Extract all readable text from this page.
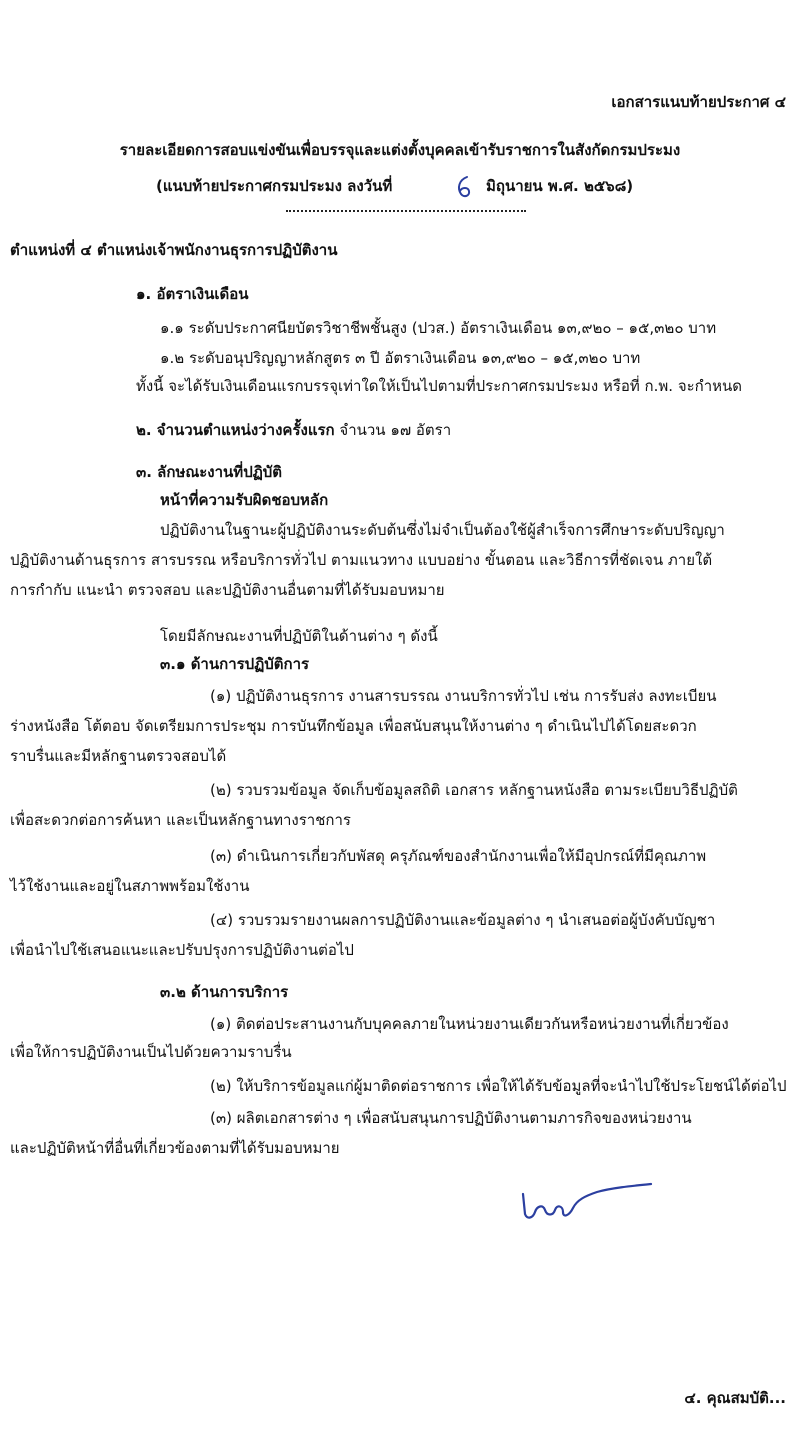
เอกสารแนบท้ายประกาศ ๔
รายละเอียดการสอบแข่งขันเพื่อบรรจุและแต่งตั้งบุคคลเข้ารับราชการในสังกัดกรมประมง
(แนบท้ายประกาศกรมประมง ลงวันที่	มิถุนายน พ.ศ. ๒๕๖๘)
ตำแหน่งที่ ๔ ตำแหน่งเจ้าพนักงานธุรการปฏิบัติงาน
๑. อัตราเงินเดือน
๑.๑ ระดับประกาศนียบัตรวิชาชีพชั้นสูง (ปวส.) อัตราเงินเดือน ๑๓,๙๒๐ – ๑๕,๓๒๐ บาท
๑.๒ ระดับอนุปริญญาหลักสูตร ๓ ปี อัตราเงินเดือน ๑๓,๙๒๐ – ๑๕,๓๒๐ บาท
ทั้งนี้ จะได้รับเงินเดือนแรกบรรจุเท่าใดให้เป็นไปตามที่ประกาศกรมประมง หรือที่ ก.พ. จะกำหนด
๒. จำนวนตำแหน่งว่างครั้งแรก จำนวน ๑๗ อัตรา
๓. ลักษณะงานที่ปฏิบัติ
หน้าที่ความรับผิดชอบหลัก
ปฏิบัติงานในฐานะผู้ปฏิบัติงานระดับต้นซึ่งไม่จำเป็นต้องใช้ผู้สำเร็จการศึกษาระดับปริญญา
ปฏิบัติงานด้านธุรการ สารบรรณ หรือบริการทั่วไป ตามแนวทาง แบบอย่าง ขั้นตอน และวิธีการที่ชัดเจน ภายใต้
การกำกับ แนะนำ ตรวจสอบ และปฏิบัติงานอื่นตามที่ได้รับมอบหมาย
โดยมีลักษณะงานที่ปฏิบัติในด้านต่าง ๆ ดังนี้
๓.๑ ด้านการปฏิบัติการ
(๑) ปฏิบัติงานธุรการ งานสารบรรณ งานบริการทั่วไป เช่น การรับส่ง ลงทะเบียน
ร่างหนังสือ โต้ตอบ จัดเตรียมการประชุม การบันทึกข้อมูล เพื่อสนับสนุนให้งานต่าง ๆ ดำเนินไปได้โดยสะดวก
ราบรื่นและมีหลักฐานตรวจสอบได้
(๒) รวบรวมข้อมูล จัดเก็บข้อมูลสถิติ เอกสาร หลักฐานหนังสือ ตามระเบียบวิธีปฏิบัติ
เพื่อสะดวกต่อการค้นหา และเป็นหลักฐานทางราชการ
(๓) ดำเนินการเกี่ยวกับพัสดุ ครุภัณฑ์ของสำนักงานเพื่อให้มีอุปกรณ์ที่มีคุณภาพ
ไว้ใช้งานและอยู่ในสภาพพร้อมใช้งาน
(๔) รวบรวมรายงานผลการปฏิบัติงานและข้อมูลต่าง ๆ นำเสนอต่อผู้บังคับบัญชา
เพื่อนำไปใช้เสนอแนะและปรับปรุงการปฏิบัติงานต่อไป
๓.๒ ด้านการบริการ
(๑) ติดต่อประสานงานกับบุคคลภายในหน่วยงานเดียวกันหรือหน่วยงานที่เกี่ยวข้อง
เพื่อให้การปฏิบัติงานเป็นไปด้วยความราบรื่น
(๒) ให้บริการข้อมูลแก่ผู้มาติดต่อราชการ เพื่อให้ได้รับข้อมูลที่จะนำไปใช้ประโยชน์ได้ต่อไป
(๓) ผลิตเอกสารต่าง ๆ เพื่อสนับสนุนการปฏิบัติงานตามภารกิจของหน่วยงาน
และปฏิบัติหน้าที่อื่นที่เกี่ยวข้องตามที่ได้รับมอบหมาย
๔. คุณสมบัติ...
